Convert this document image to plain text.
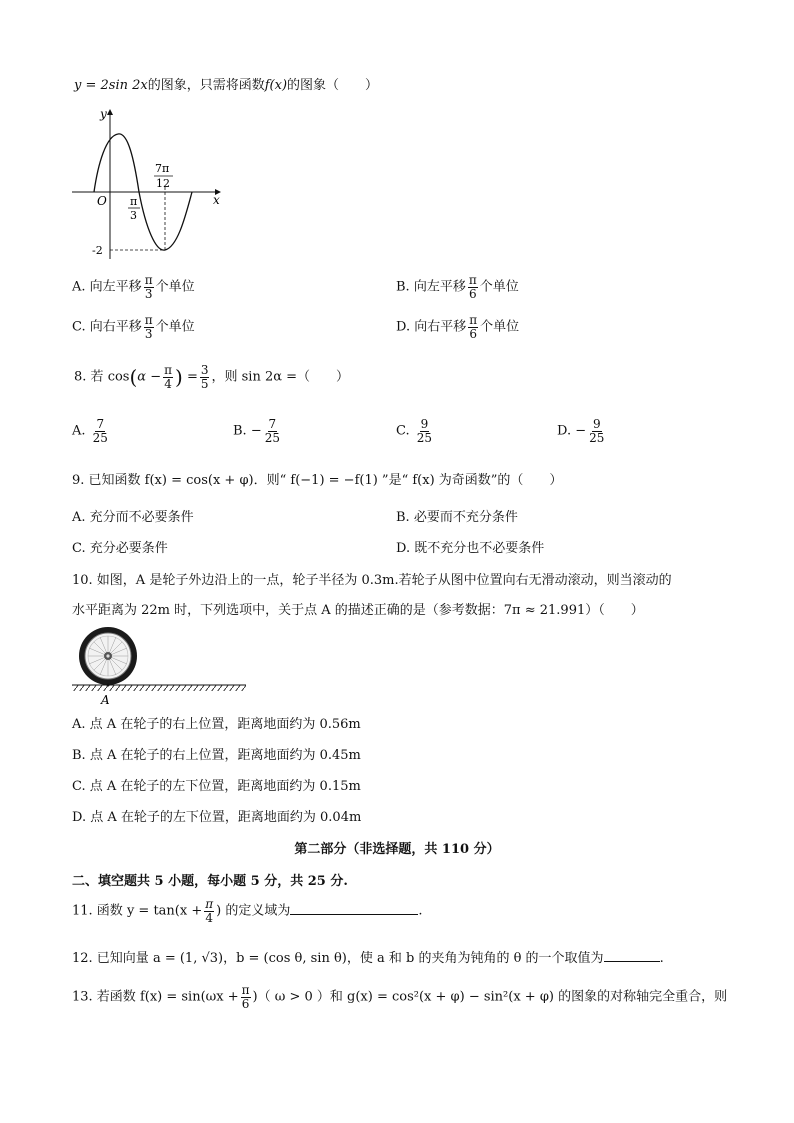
y = 2sin 2x的图象，只需将函数f(x)的图象（　　）
y
x
O
-2
π
3
7π
12
A. 向左平移 $\frac{\pi}{3}$ 个单位	B. 向左平移 $\frac{\pi}{6}$ 个单位
C. 向右平移 $\frac{\pi}{3}$ 个单位	D. 向右平移 $\frac{\pi}{6}$ 个单位
8. 若 $\cos(\alpha - \frac{\pi}{4}$ ) = $\frac{3}{5}$ ，则 sin 2α =（　　）
A. $\frac{7}{25}$	B. − $\frac{7}{25}$	C. $\frac{9}{25}$	D. − $\frac{9}{25}$
9. 已知函数 f(x) = cos(x + φ)．则“ f(−1) = −f(1) ”是“ f(x) 为奇函数”的（　　）
A. 充分而不必要条件	B. 必要而不充分条件
C. 充分必要条件	D. 既不充分也不必要条件
10. 如图，A 是轮子外边沿上的一点，轮子半径为 0.3m.若轮子从图中位置向右无滑动滚动，则当滚动的
水平距离为 22m 时，下列选项中，关于点 A 的描述正确的是（参考数据：7π ≈ 21.991）（　　）
A
A. 点 A 在轮子的右上位置，距离地面约为 0.56m
B. 点 A 在轮子的右上位置，距离地面约为 0.45m
C. 点 A 在轮子的左下位置，距离地面约为 0.15m
D. 点 A 在轮子的左下位置，距离地面约为 0.04m
第二部分（非选择题，共 110 分）
二、填空题共 5 小题，每小题 5 分，共 25 分.
11. 函数 $y = \tan(x + \frac{\pi}{4}$ ) 的定义域为	.
12. 已知向量 a = (1, √3)，b = (cos θ, sin θ)，使 a 和 b 的夹角为钝角的 θ 的一个取值为	.
13. 若函数 $f(x) = \sin(\omega x + \frac{\pi}{6}$ )（ ω > 0 ）和 g(x) = cos²(x + φ) − sin²(x + φ) 的图象的对称轴完全重合，则
